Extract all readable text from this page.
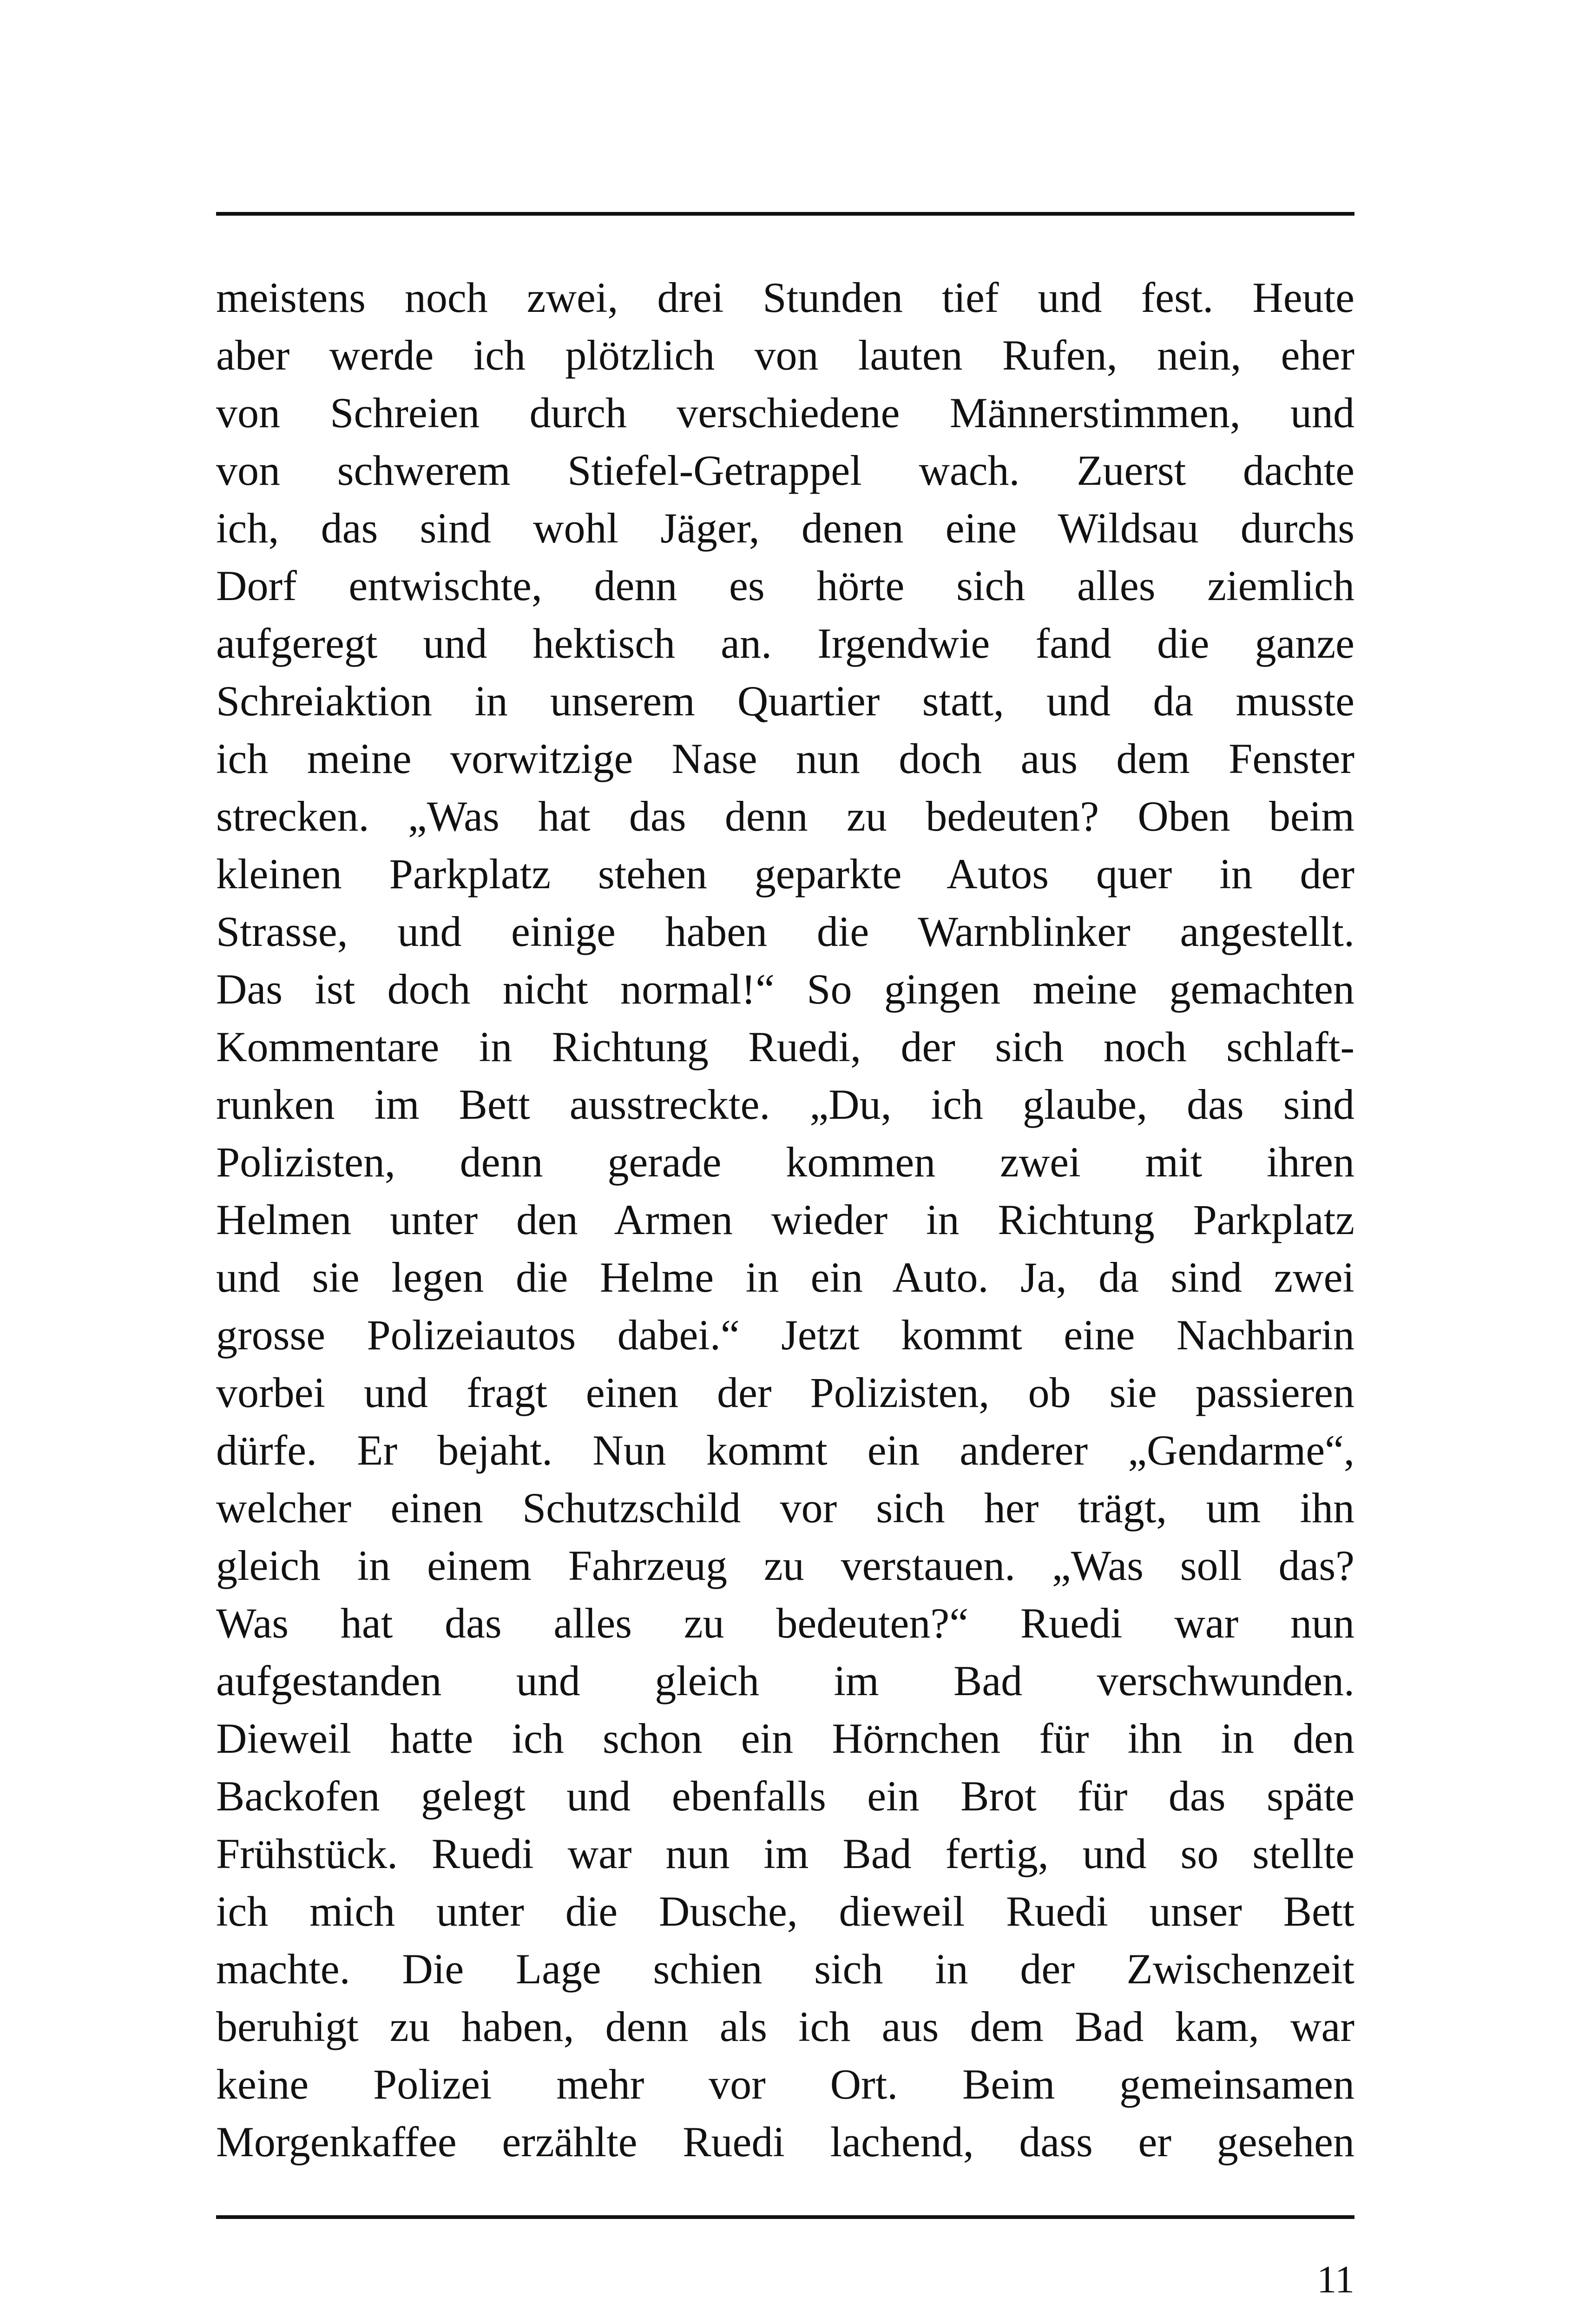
meistens noch zwei, drei Stunden tief und fest. Heute
aber werde ich plötzlich von lauten Rufen, nein, eher
von Schreien durch verschiedene Männerstimmen, und
von schwerem Stiefel-Getrappel wach. Zuerst dachte
ich, das sind wohl Jäger, denen eine Wildsau durchs
Dorf entwischte, denn es hörte sich alles ziemlich
aufgeregt und hektisch an. Irgendwie fand die ganze
Schreiaktion in unserem Quartier statt, und da musste
ich meine vorwitzige Nase nun doch aus dem Fenster
strecken. „Was hat das denn zu bedeuten? Oben beim
kleinen Parkplatz stehen geparkte Autos quer in der
Strasse, und einige haben die Warnblinker angestellt.
Das ist doch nicht normal!“ So gingen meine gemachten
Kommentare in Richtung Ruedi, der sich noch schlaft-
runken im Bett ausstreckte. „Du, ich glaube, das sind
Polizisten, denn gerade kommen zwei mit ihren
Helmen unter den Armen wieder in Richtung Parkplatz
und sie legen die Helme in ein Auto. Ja, da sind zwei
grosse Polizeiautos dabei.“ Jetzt kommt eine Nachbarin
vorbei und fragt einen der Polizisten, ob sie passieren
dürfe. Er bejaht. Nun kommt ein anderer „Gendarme“,
welcher einen Schutzschild vor sich her trägt, um ihn
gleich in einem Fahrzeug zu verstauen. „Was soll das?
Was hat das alles zu bedeuten?“ Ruedi war nun
aufgestanden und gleich im Bad verschwunden.
Dieweil hatte ich schon ein Hörnchen für ihn in den
Backofen gelegt und ebenfalls ein Brot für das späte
Frühstück. Ruedi war nun im Bad fertig, und so stellte
ich mich unter die Dusche, dieweil Ruedi unser Bett
machte. Die Lage schien sich in der Zwischenzeit
beruhigt zu haben, denn als ich aus dem Bad kam, war
keine Polizei mehr vor Ort. Beim gemeinsamen
Morgenkaffee erzählte Ruedi lachend, dass er gesehen
11
